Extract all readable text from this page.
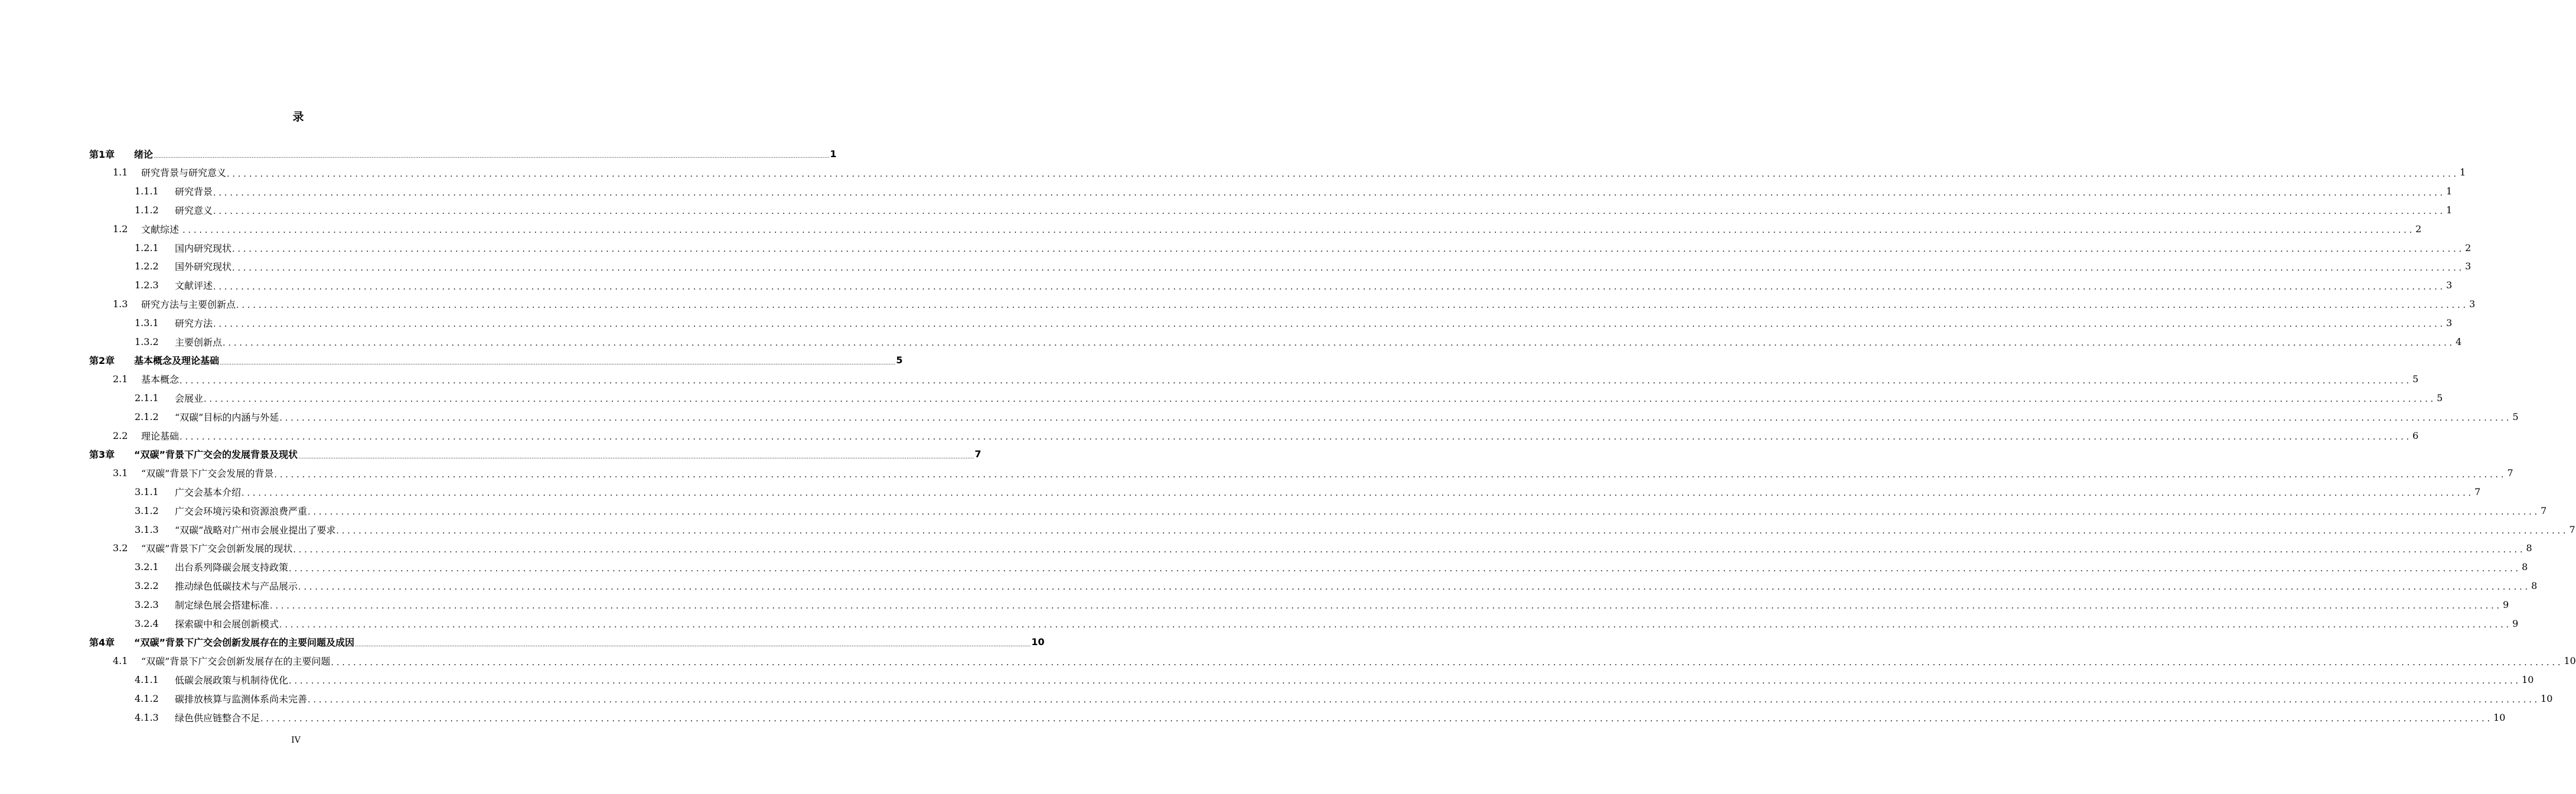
录
第1章	绪论 ................................................................................................................................................................................................................................................................................................................................................................................................................ 1
1.1	研究背景与研究意义 ................................................................................................................................................................................................................................................................................................................................................................................................................ 1
1.1.1	研究背景 ................................................................................................................................................................................................................................................................................................................................................................................................................ 1
1.1.2	研究意义 ................................................................................................................................................................................................................................................................................................................................................................................................................ 1
1.2	文献综述 ................................................................................................................................................................................................................................................................................................................................................................................................................ 2
1.2.1	国内研究现状 ................................................................................................................................................................................................................................................................................................................................................................................................................ 2
1.2.2	国外研究现状 ................................................................................................................................................................................................................................................................................................................................................................................................................ 3
1.2.3	文献评述 ................................................................................................................................................................................................................................................................................................................................................................................................................ 3
1.3	研究方法与主要创新点 ................................................................................................................................................................................................................................................................................................................................................................................................................ 3
1.3.1	研究方法 ................................................................................................................................................................................................................................................................................................................................................................................................................ 3
1.3.2	主要创新点 ................................................................................................................................................................................................................................................................................................................................................................................................................ 4
第2章	基本概念及理论基础 ................................................................................................................................................................................................................................................................................................................................................................................................................ 5
2.1	基本概念 ................................................................................................................................................................................................................................................................................................................................................................................................................ 5
2.1.1	会展业 ................................................................................................................................................................................................................................................................................................................................................................................................................ 5
2.1.2	“双碳”目标的内涵与外延 ................................................................................................................................................................................................................................................................................................................................................................................................................ 5
2.2	理论基础 ................................................................................................................................................................................................................................................................................................................................................................................................................ 6
第3章	“双碳”背景下广交会的发展背景及现状 ................................................................................................................................................................................................................................................................................................................................................................................................................ 7
3.1	“双碳”背景下广交会发展的背景 ................................................................................................................................................................................................................................................................................................................................................................................................................ 7
3.1.1	广交会基本介绍 ................................................................................................................................................................................................................................................................................................................................................................................................................ 7
3.1.2	广交会环境污染和资源浪费严重 ................................................................................................................................................................................................................................................................................................................................................................................................................ 7
3.1.3	“双碳”战略对广州市会展业提出了要求 ................................................................................................................................................................................................................................................................................................................................................................................................................ 7
3.2	“双碳”背景下广交会创新发展的现状 ................................................................................................................................................................................................................................................................................................................................................................................................................ 8
3.2.1	出台系列降碳会展支持政策 ................................................................................................................................................................................................................................................................................................................................................................................................................ 8
3.2.2	推动绿色低碳技术与产品展示 ................................................................................................................................................................................................................................................................................................................................................................................................................ 8
3.2.3	制定绿色展会搭建标准 ................................................................................................................................................................................................................................................................................................................................................................................................................ 9
3.2.4	探索碳中和会展创新模式 ................................................................................................................................................................................................................................................................................................................................................................................................................ 9
第4章	“双碳”背景下广交会创新发展存在的主要问题及成因 ................................................................................................................................................................................................................................................................................................................................................................................................................ 10
4.1	“双碳”背景下广交会创新发展存在的主要问题 ................................................................................................................................................................................................................................................................................................................................................................................................................ 10
4.1.1	低碳会展政策与机制待优化 ................................................................................................................................................................................................................................................................................................................................................................................................................ 10
4.1.2	碳排放核算与监测体系尚未完善 ................................................................................................................................................................................................................................................................................................................................................................................................................ 10
4.1.3	绿色供应链整合不足 ................................................................................................................................................................................................................................................................................................................................................................................................................ 10
IV
